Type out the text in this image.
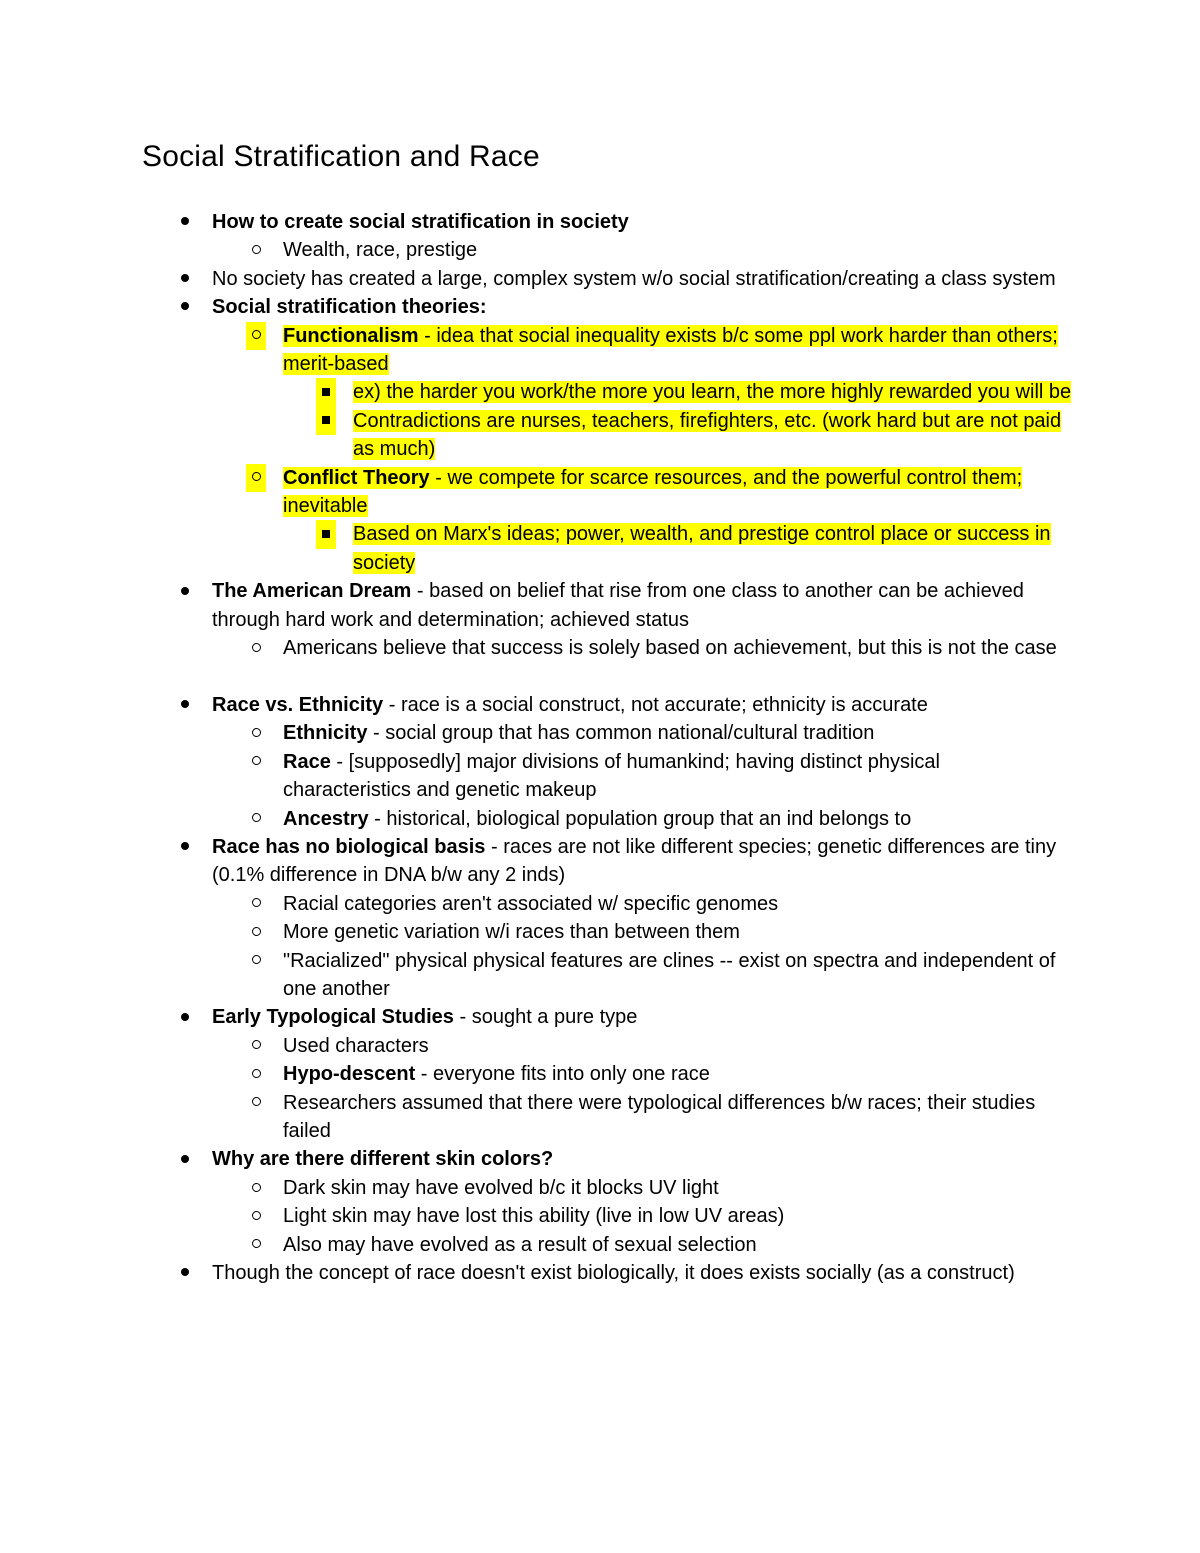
Social Stratification and Race
How to create social stratification in society
Wealth, race, prestige
No society has created a large, complex system w/o social stratification/creating a class system
Social stratification theories:
Functionalism - idea that social inequality exists b/c some ppl work harder than others; merit-based
ex) the harder you work/the more you learn, the more highly rewarded you will be
Contradictions are nurses, teachers, firefighters, etc. (work hard but are not paid as much)
Conflict Theory - we compete for scarce resources, and the powerful control them; inevitable
Based on Marx's ideas; power, wealth, and prestige control place or success in society
The American Dream - based on belief that rise from one class to another can be achieved through hard work and determination; achieved status
Americans believe that success is solely based on achievement, but this is not the case
Race vs. Ethnicity - race is a social construct, not accurate; ethnicity is accurate
Ethnicity - social group that has common national/cultural tradition
Race - [supposedly] major divisions of humankind; having distinct physical characteristics and genetic makeup
Ancestry - historical, biological population group that an ind belongs to
Race has no biological basis - races are not like different species; genetic differences are tiny (0.1% difference in DNA b/w any 2 inds)
Racial categories aren't associated w/ specific genomes
More genetic variation w/i races than between them
"Racialized" physical physical features are clines -- exist on spectra and independent of one another
Early Typological Studies - sought a pure type
Used characters
Hypo-descent - everyone fits into only one race
Researchers assumed that there were typological differences b/w races; their studies failed
Why are there different skin colors?
Dark skin may have evolved b/c it blocks UV light
Light skin may have lost this ability (live in low UV areas)
Also may have evolved as a result of sexual selection
Though the concept of race doesn't exist biologically, it does exists socially (as a construct)
